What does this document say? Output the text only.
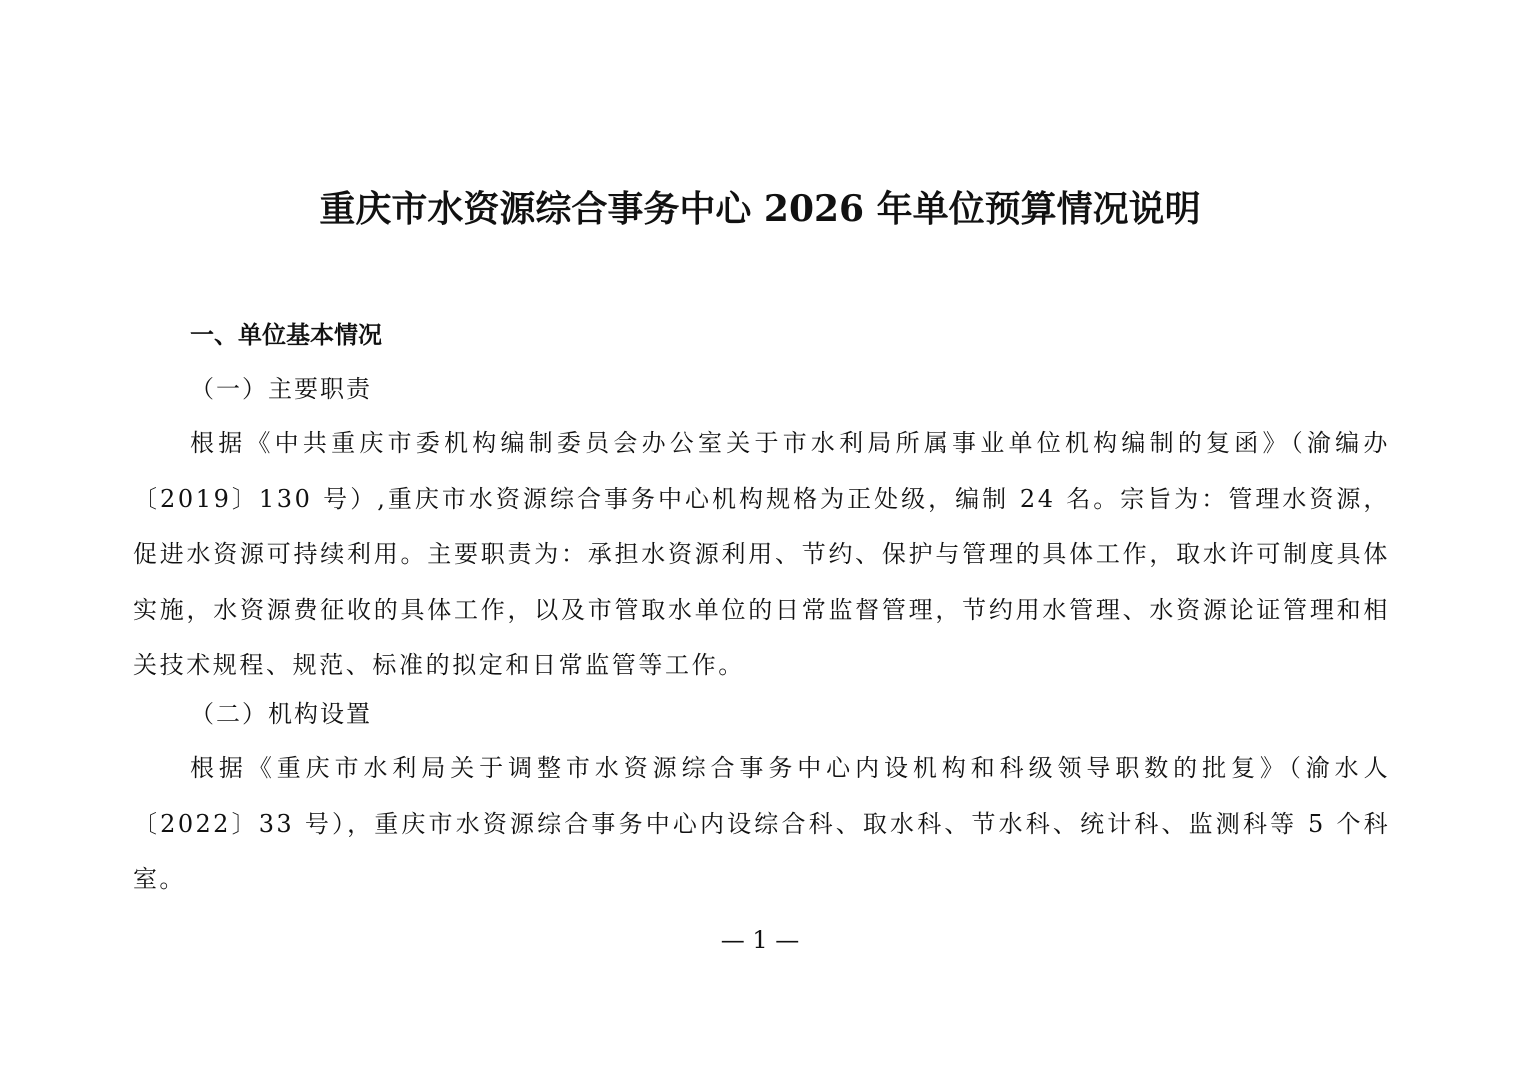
重庆市水资源综合事务中心 2026 年单位预算情况说明
一、单位基本情况
（一）主要职责

根据《中共重庆市委机构编制委员会办公室关于市水利局所属事业单位机构编制的复函》（渝编办〔2019〕130 号）,重庆市水资源综合事务中心机构规格为正处级，编制 24 名。宗旨为：管理水资源，促进水资源可持续利用。主要职责为：承担水资源利用、节约、保护与管理的具体工作，取水许可制度具体实施，水资源费征收的具体工作，以及市管取水单位的日常监督管理，节约用水管理、水资源论证管理和相关技术规程、规范、标准的拟定和日常监管等工作。

（二）机构设置

根据《重庆市水利局关于调整市水资源综合事务中心内设机构和科级领导职数的批复》（渝水人〔2022〕33 号），重庆市水资源综合事务中心内设综合科、取水科、节水科、统计科、监测科等 5 个科室。

— 1 —
